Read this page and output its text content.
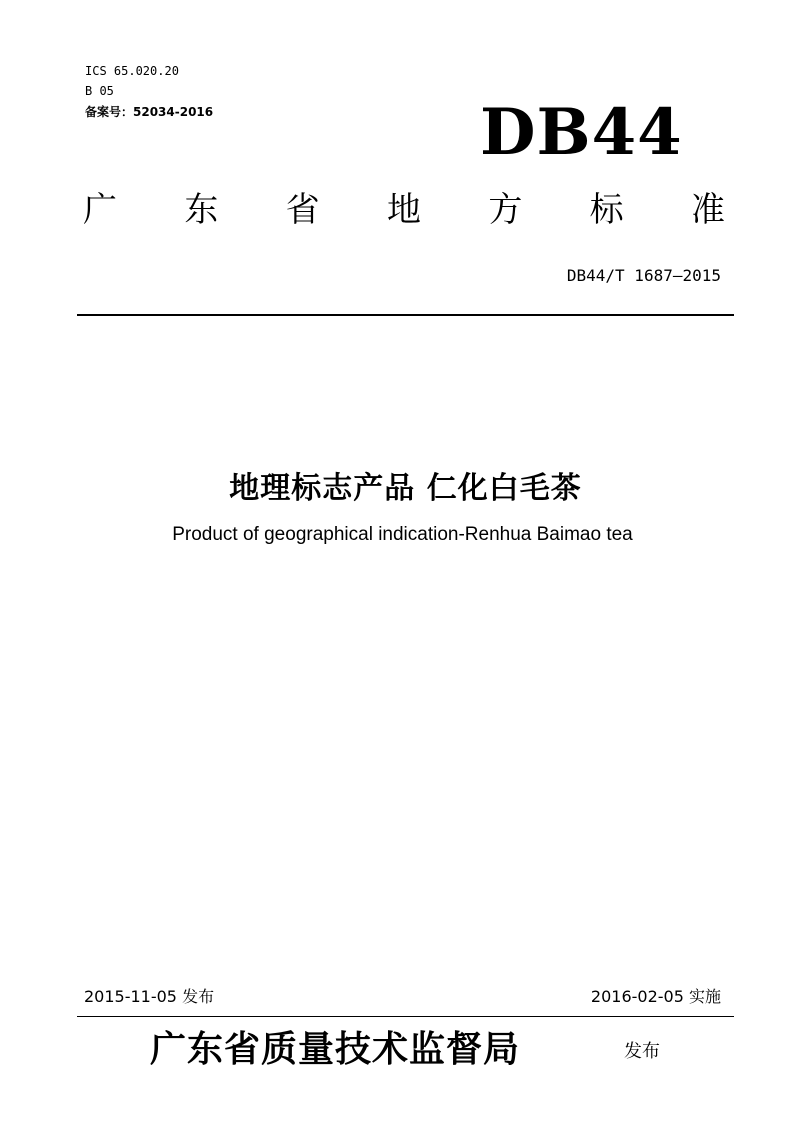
ICS 65.020.20
B 05
备案号：52034-2016	DB44
广 东 省 地 方 标 准
DB44/T 1687—2015
地理标志产品 仁化白毛茶
Product of geographical indication-Renhua Baimao tea
2015-11-05 发布	2016-02-05 实施
广东省质量技术监督局	发布
